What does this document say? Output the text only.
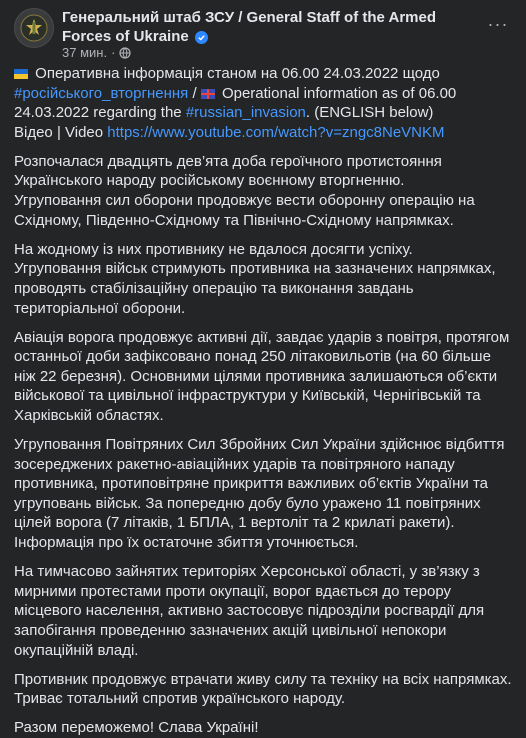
Генеральний штаб ЗСУ / General Staff of the Armed Forces of Ukraine
37 мин. ·
···

Оперативна інформація станом на 06.00 24.03.2022 щодо #російського_вторгнення / Operational information as of 06.00 24.03.2022 regarding the #russian_invasion. (ENGLISH below)
Відео | Video https://www.youtube.com/watch?v=zngc8NeVNKM

Розпочалася двадцять дев’ята доба героїчного протистояння Українського народу російському воєнному вторгненню.
Угруповання сил оборони продовжує вести оборонну операцію на Східному, Південно-Східному та Північно-Східному напрямках.

На жодному із них противнику не вдалося досягти успіху.
Угруповання військ стримують противника на зазначених напрямках, проводять стабілізаційну операцію та виконання завдань територіальної оборони.

Авіація ворога продовжує активні дії, завдає ударів з повітря, протягом останньої доби зафіксовано понад 250 літаковильотів (на 60 більше ніж 22 березня). Основними цілями противника залишаються об’єкти військової та цивільної інфраструктури у Київській, Чернігівській та Харківській областях.

Угруповання Повітряних Сил Збройних Сил України здійснює відбиття зосереджених ракетно-авіаційних ударів та повітряного нападу противника, протиповітряне прикриття важливих об’єктів України та угруповань військ. За попередню добу було уражено 11 повітряних цілей ворога (7 літаків, 1 БПЛА, 1 вертоліт та 2 крилаті ракети). Інформація про їх остаточне збиття уточнюється.

На тимчасово зайнятих територіях Херсонської області, у зв’язку з мирними протестами проти окупації, ворог вдається до терору місцевого населення, активно застосовує підрозділи росгвардії для запобігання проведенню зазначених акцій цивільної непокори окупаційній владі.

Противник продовжує втрачати живу силу та техніку на всіх напрямках. Триває тотальний спротив українського народу.

Разом переможемо! Слава Україні!
